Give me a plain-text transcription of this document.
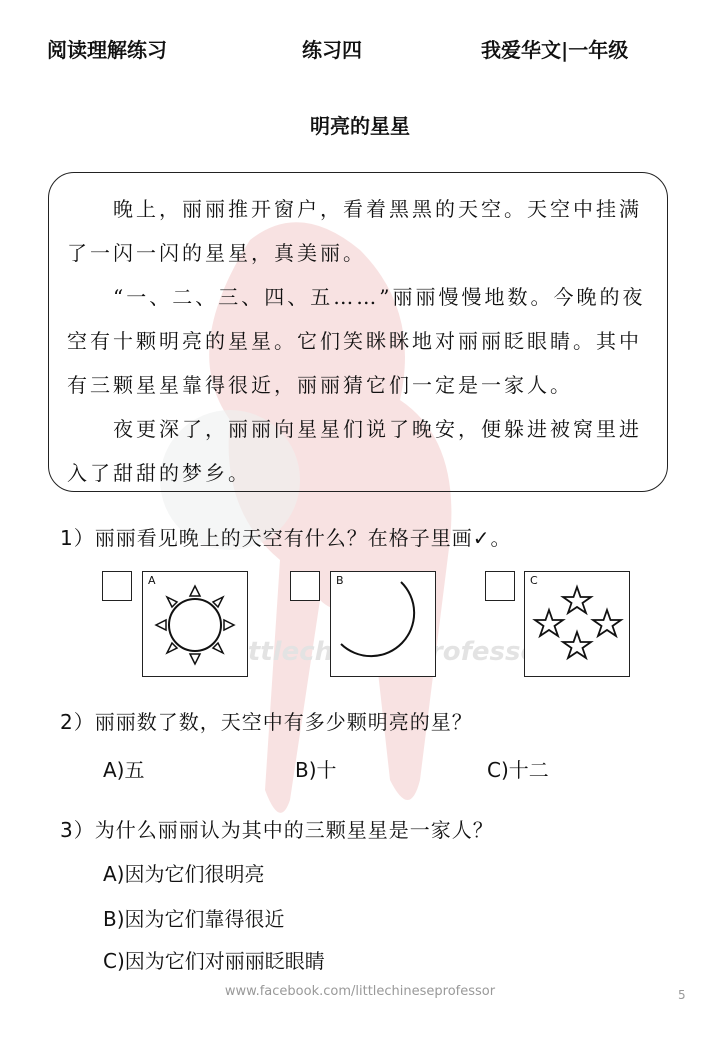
阅读理解练习	练习四	我爱华文|一年级
明亮的星星

　　晚上，丽丽推开窗户，看着黑黑的天空。天空中挂满了一闪一闪的星星，真美丽。

　　“一、二、三、四、五……”丽丽慢慢地数。今晚的夜空有十颗明亮的星星。它们笑眯眯地对丽丽眨眼睛。其中有三颗星星靠得很近，丽丽猜它们一定是一家人。

　　夜更深了，丽丽向星星们说了晚安，便躲进被窝里进入了甜甜的梦乡。

1）丽丽看见晚上的天空有什么？在格子里画✓。
A	B	C
2）丽丽数了数，天空中有多少颗明亮的星？
A)五	B)十	C)十二
3）为什么丽丽认为其中的三颗星星是一家人？
A)因为它们很明亮
B)因为它们靠得很近
C)因为它们对丽丽眨眼睛
www.facebook.com/littlechineseprofessor	5
